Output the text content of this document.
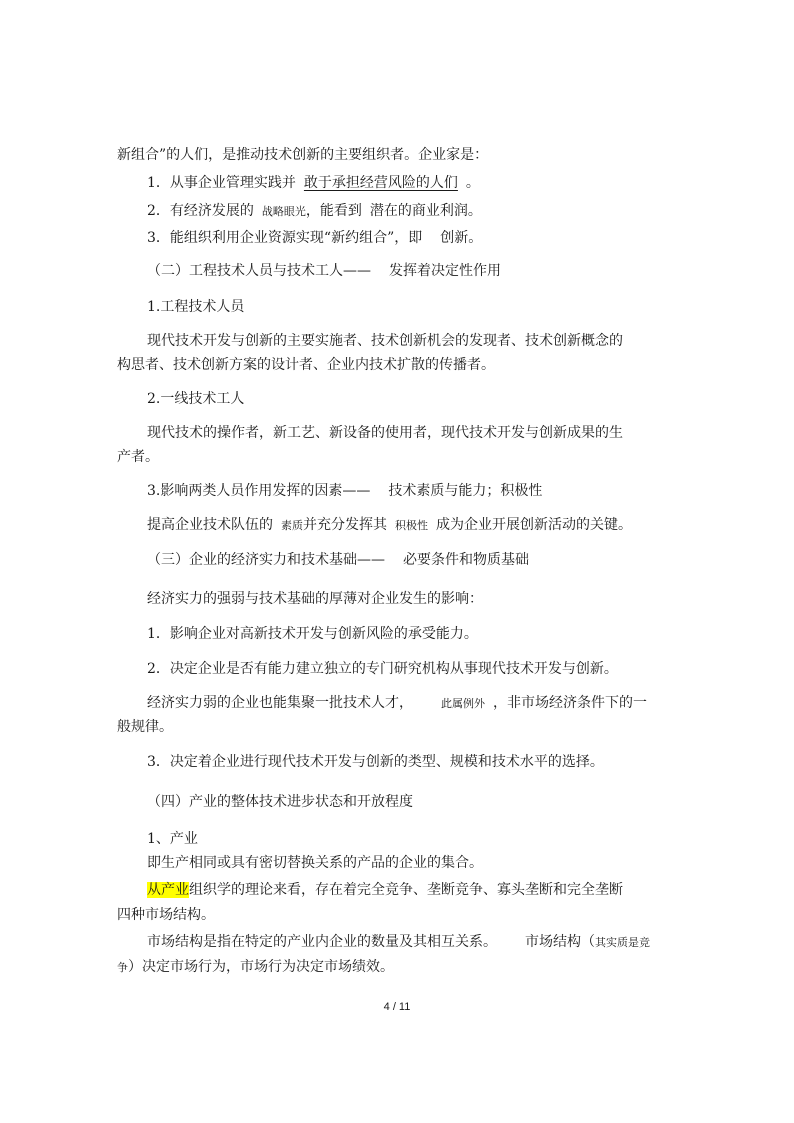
新组合”的人们，是推动技术创新的主要组织者。企业家是：
1．从事企业管理实践并 敢于承担经营风险的人们 。
2．有经济发展的 战略眼光，能看到 潜在的商业利润。
3．能组织利用企业资源实现“新约组合”，即 创新。
（二）工程技术人员与技术工人—— 发挥着决定性作用
1.工程技术人员
现代技术开发与创新的主要实施者、技术创新机会的发现者、技术创新概念的
构思者、技术创新方案的设计者、企业内技术扩散的传播者。
2.一线技术工人
现代技术的操作者，新工艺、新设备的使用者，现代技术开发与创新成果的生
产者。
3.影响两类人员作用发挥的因素—— 技术素质与能力；积极性
提高企业技术队伍的 素质并充分发挥其 积极性 成为企业开展创新活动的关键。
（三）企业的经济实力和技术基础—— 必要条件和物质基础
经济实力的强弱与技术基础的厚薄对企业发生的影响：
1．影响企业对高新技术开发与创新风险的承受能力。
2．决定企业是否有能力建立独立的专门研究机构从事现代技术开发与创新。
经济实力弱的企业也能集聚一批技术人才，	此属例外 ，非市场经济条件下的一
般规律。
3．决定着企业进行现代技术开发与创新的类型、规模和技术水平的选择。
（四）产业的整体技术进步状态和开放程度
1、产业
即生产相同或具有密切替换关系的产品的企业的集合。
从产业组织学的理论来看，存在着完全竞争、垄断竞争、寡头垄断和完全垄断
四种市场结构。
市场结构是指在特定的产业内企业的数量及其相互关系。 市场结构（其实质是竞
争）决定市场行为，市场行为决定市场绩效。
4 / 11
